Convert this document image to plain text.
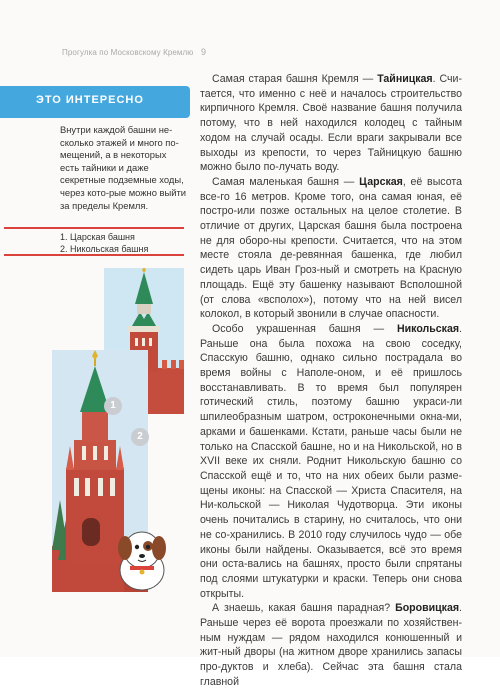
Прогулка по Московскому Кремлю 9
ЭТО ИНТЕРЕСНО
Внутри каждой башни не-сколько этажей и много по-мещений, а в некоторых есть тайники и даже секретные подземные ходы, через кото-рые можно выйти за пределы Кремля.
1. Царская башня
2. Никольская башня
1
2

Самая старая башня Кремля — Тайницкая. Счи-тается, что именно с неё и началось строительство кирпичного Кремля. Своё название башня получила потому, что в ней находился колодец с тайным ходом на случай осады. Если враги закрывали все выходы из крепости, то через Тайницкую башню можно было по-лучать воду.

Самая маленькая башня — Царская, её высота все-го 16 метров. Кроме того, она самая юная, её постро-или позже остальных на целое столетие. В отличие от других, Царская башня была построена не для оборо-ны крепости. Считается, что на этом месте стояла де-ревянная башенка, где любил сидеть царь Иван Гроз-ный и смотреть на Красную площадь. Ещё эту башенку называют Всполошной (от слова «всполох»), потому что на ней висел колокол, в который звонили в случае опасности.

Особо украшенная башня — Никольская. Раньше она была похожа на свою соседку, Спасскую башню, однако сильно пострадала во время войны с Наполе-оном, и её пришлось восстанавливать. В то время был популярен готический стиль, поэтому башню украси-ли шпилеобразным шатром, остроконечными окна-ми, арками и башенками. Кстати, раньше часы были не только на Спасской башне, но и на Никольской, но в XVII веке их сняли. Роднит Никольскую башню со Спасской ещё и то, что на них обеих были разме-щены иконы: на Спасской — Христа Спасителя, на Ни-кольской — Николая Чудотворца. Эти иконы очень почитались в старину, но считалось, что они не со-хранились. В 2010 году случилось чудо — обе иконы были найдены. Оказывается, всё это время они оста-вались на башнях, просто были спрятаны под слоями штукатурки и краски. Теперь они снова открыты.

А знаешь, какая башня парадная? Боровицкая. Раньше через её ворота проезжали по хозяйствен-ным нуждам — рядом находился конюшенный и жит-ный дворы (на житном дворе хранились запасы про-дуктов и хлеба). Сейчас эта башня стала главной
